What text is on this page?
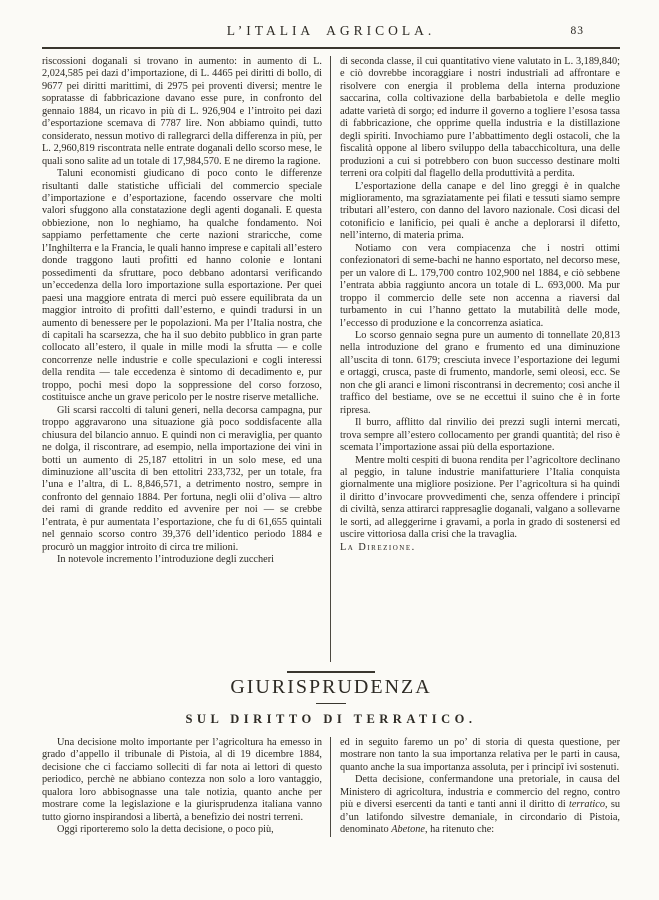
L’ITALIA AGRICOLA.	83

riscossioni doganali si trovano in aumento: in aumento di L. 2,024,585 pei dazi d’importazione, di L. 4465 pei diritti di bollo, di 9677 pei diritti marittimi, di 2975 pei proventi diversi; mentre le sopratasse di fabbricazione davano esse pure, in confronto del gennaio 1884, un ricavo in più di L. 926,904 e l’introito pei dazi d’esportazione scemava di 7787 lire. Non abbiamo quindi, tutto considerato, nessun motivo di rallegrarci della differenza in più, per L. 2,960,819 riscontrata nelle entrate doganali dello scorso mese, le quali sono salite ad un totale di 17,984,570. E ne diremo la ragione.

Taluni economisti giudicano di poco conto le differenze risultanti dalle statistiche ufficiali del commercio speciale d’importazione e d’esportazione, facendo osservare che molti valori sfuggono alla constatazione degli agenti doganali. E questa obbiezione, non lo neghiamo, ha qualche fondamento. Noi sappiamo perfettamente che certe nazioni straricche, come l’Inghilterra e la Francia, le quali hanno imprese e capitali all’estero donde traggono lauti profitti ed hanno colonie e lontani possedimenti da sfruttare, poco debbano adontarsi verificando un’eccedenza della loro importazione sulla esportazione. Per quei paesi una maggiore entrata di merci può essere equilibrata da un maggior introito di profitti dall’esterno, e quindi tradursi in un aumento di benessere per le popolazioni. Ma per l’Italia nostra, che di capitali ha scarsezza, che ha il suo debito pubblico in gran parte collocato all’estero, il quale in mille modi la sfrutta — e colle concorrenze nelle industrie e colle speculazioni e cogli interessi della rendita — tale eccedenza è sintomo di decadimento e, pur troppo, pochi mesi dopo la soppressione del corso forzoso, costituisce anche un grave pericolo per le nostre riserve metalliche.

Gli scarsi raccolti di taluni generi, nella decorsa campagna, pur troppo aggravarono una situazione già poco soddisfacente alla chiusura del bilancio annuo. E quindi non ci meraviglia, per quanto ne dolga, il riscontrare, ad esempio, nella importazione dei vini in botti un aumento di 25,187 ettolitri in un solo mese, ed una diminuzione all’uscita di ben ettolitri 233,732, per un totale, fra l’una e l’altra, di L. 8,846,571, a detrimento nostro, sempre in confronto del gennaio 1884. Per fortuna, negli olii d’oliva — altro dei rami di grande reddito ed avvenire per noi — se crebbe l’entrata, è pur aumentata l’esportazione, che fu di 61,655 quintali nel gennaio scorso contro 39,376 dell’identico periodo 1884 e procurò un maggior introito di circa tre milioni.

In notevole incremento l’introduzione degli zuccheri

di seconda classe, il cui quantitativo viene valutato in L. 3,189,840; e ciò dovrebbe incoraggiare i nostri industriali ad affrontare e risolvere con energia il problema della interna produzione saccarina, colla coltivazione della barbabietola e delle meglio adatte varietà di sorgo; ed indurre il governo a togliere l’esosa tassa di fabbricazione, che opprime quella industria e la distillazione degli spiriti. Invochiamo pure l’abbattimento degli ostacoli, che la fiscalità oppone al libero sviluppo della tabacchicoltura, una delle produzioni a cui si potrebbero con buon successo destinare molti terreni ora colpiti dal flagello della produttività a perdita.

L’esportazione della canape e del lino greggi è in qualche miglioramento, ma sgraziatamente pei filati e tessuti siamo sempre tributari all’estero, con danno del lavoro nazionale. Così dicasi del cotonificio e lanificio, pei quali è anche a deplorarsi il difetto, nell’interno, di materia prima.

Notiamo con vera compiacenza che i nostri ottimi confezionatori di seme-bachi ne hanno esportato, nel decorso mese, per un valore di L. 179,700 contro 102,900 nel 1884, e ciò sebbene l’entrata abbia raggiunto ancora un totale di L. 693,000. Ma pur troppo il commercio delle sete non accenna a riaversi dal turbamento in cui l’hanno gettato la mutabilità delle mode, l’eccesso di produzione e la concorrenza asiatica.

Lo scorso gennaio segna pure un aumento di tonnellate 20,813 nella introduzione del grano e frumento ed una diminuzione all’uscita di tonn. 6179; cresciuta invece l’esportazione dei legumi e ortaggi, crusca, paste di frumento, mandorle, semi oleosi, ecc. Se non che gli aranci e limoni riscontransi in decremento; così anche il traffico del bestiame, ove se ne eccettui il suino che è in forte ripresa.

Il burro, afflitto dal rinvilio dei prezzi sugli interni mercati, trova sempre all’estero collocamento per grandi quantità; del riso è scemata l’importazione assai più della esportazione.

Mentre molti cespiti di buona rendita per l’agricoltore declinano al peggio, in talune industrie manifatturiere l’Italia conquista giornalmente una migliore posizione. Per l’agricoltura si ha quindi il diritto d’invocare provvedimenti che, senza offendere i principî di civiltà, senza attirarci rappresaglie doganali, valgano a sollevarne le sorti, ad alleggerirne i gravami, a porla in grado di sostenersi ed uscire vittoriosa dalla crisi che la travaglia.

La Direzione.

GIURISPRUDENZA
SUL DIRITTO DI TERRATICO.

Una decisione molto importante per l’agricoltura ha emesso in grado d’appello il tribunale di Pistoia, al di 19 dicembre 1884, decisione che ci facciamo solleciti di far nota ai lettori di questo periodico, perchè ne abbiano contezza non solo a loro vantaggio, qualora loro abbisognasse una tale notizia, quanto anche per mostrare come la legislazione e la giurisprudenza italiana vanno tutto giorno inspirandosi a libertà, a benefizio dei nostri terreni.

Oggi riporteremo solo la detta decisione, o poco più,

ed in seguito faremo un po’ di storia di questa questione, per mostrare non tanto la sua importanza relativa per le parti in causa, quanto anche la sua importanza assoluta, per i principî ivi sostenuti.

Detta decisione, confermandone una pretoriale, in causa del Ministero di agricoltura, industria e commercio del regno, contro più e diversi esercenti da tanti e tanti anni il diritto di terratico, su d’un latifondo silvestre demaniale, in circondario di Pistoia, denominato Abetone, ha ritenuto che:
